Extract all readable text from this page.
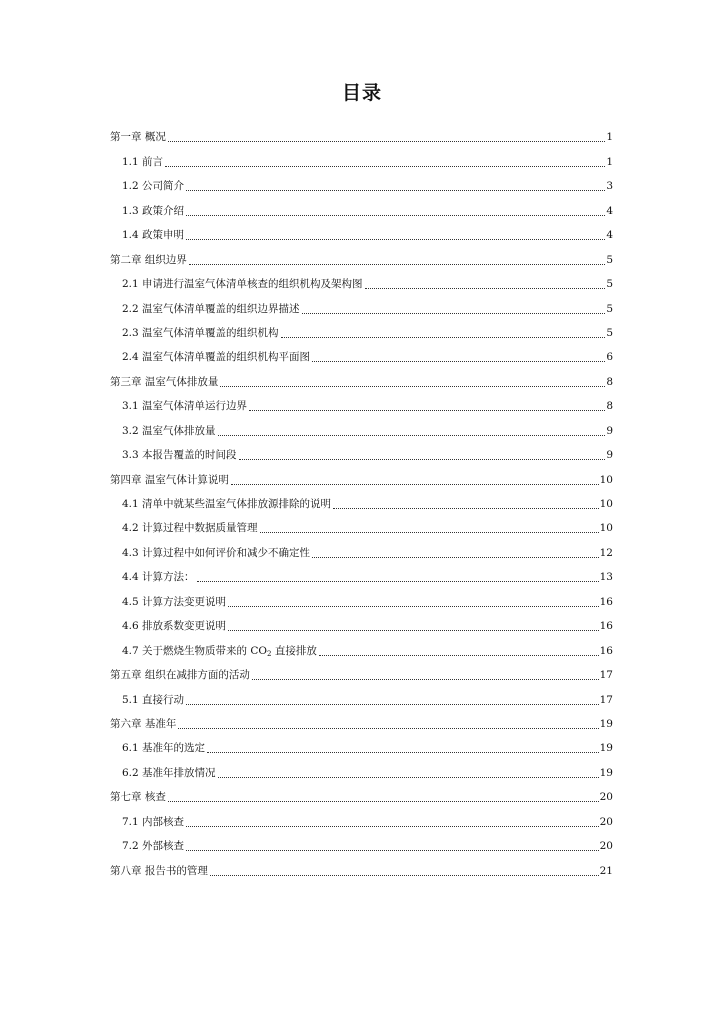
目录
第一章 概况	1
1.1 前言	1
1.2 公司简介	3
1.3 政策介绍	4
1.4 政策申明	4
第二章 组织边界	5
2.1 申请进行温室气体清单核查的组织机构及架构图	5
2.2 温室气体清单覆盖的组织边界描述	5
2.3 温室气体清单覆盖的组织机构	5
2.4 温室气体清单覆盖的组织机构平面图	6
第三章 温室气体排放量	8
3.1 温室气体清单运行边界	8
3.2 温室气体排放量	9
3.3 本报告覆盖的时间段	9
第四章 温室气体计算说明	10
4.1 清单中就某些温室气体排放源排除的说明	10
4.2 计算过程中数据质量管理	10
4.3 计算过程中如何评价和减少不确定性	12
4.4 计算方法：	13
4.5 计算方法变更说明	16
4.6 排放系数变更说明	16
4.7 关于燃烧生物质带来的 $CO_2$ 直接排放	16
第五章 组织在减排方面的活动	17
5.1 直接行动	17
第六章 基准年	19
6.1 基准年的选定	19
6.2 基准年排放情况	19
第七章 核查	20
7.1 内部核查	20
7.2 外部核查	20
第八章 报告书的管理	21
